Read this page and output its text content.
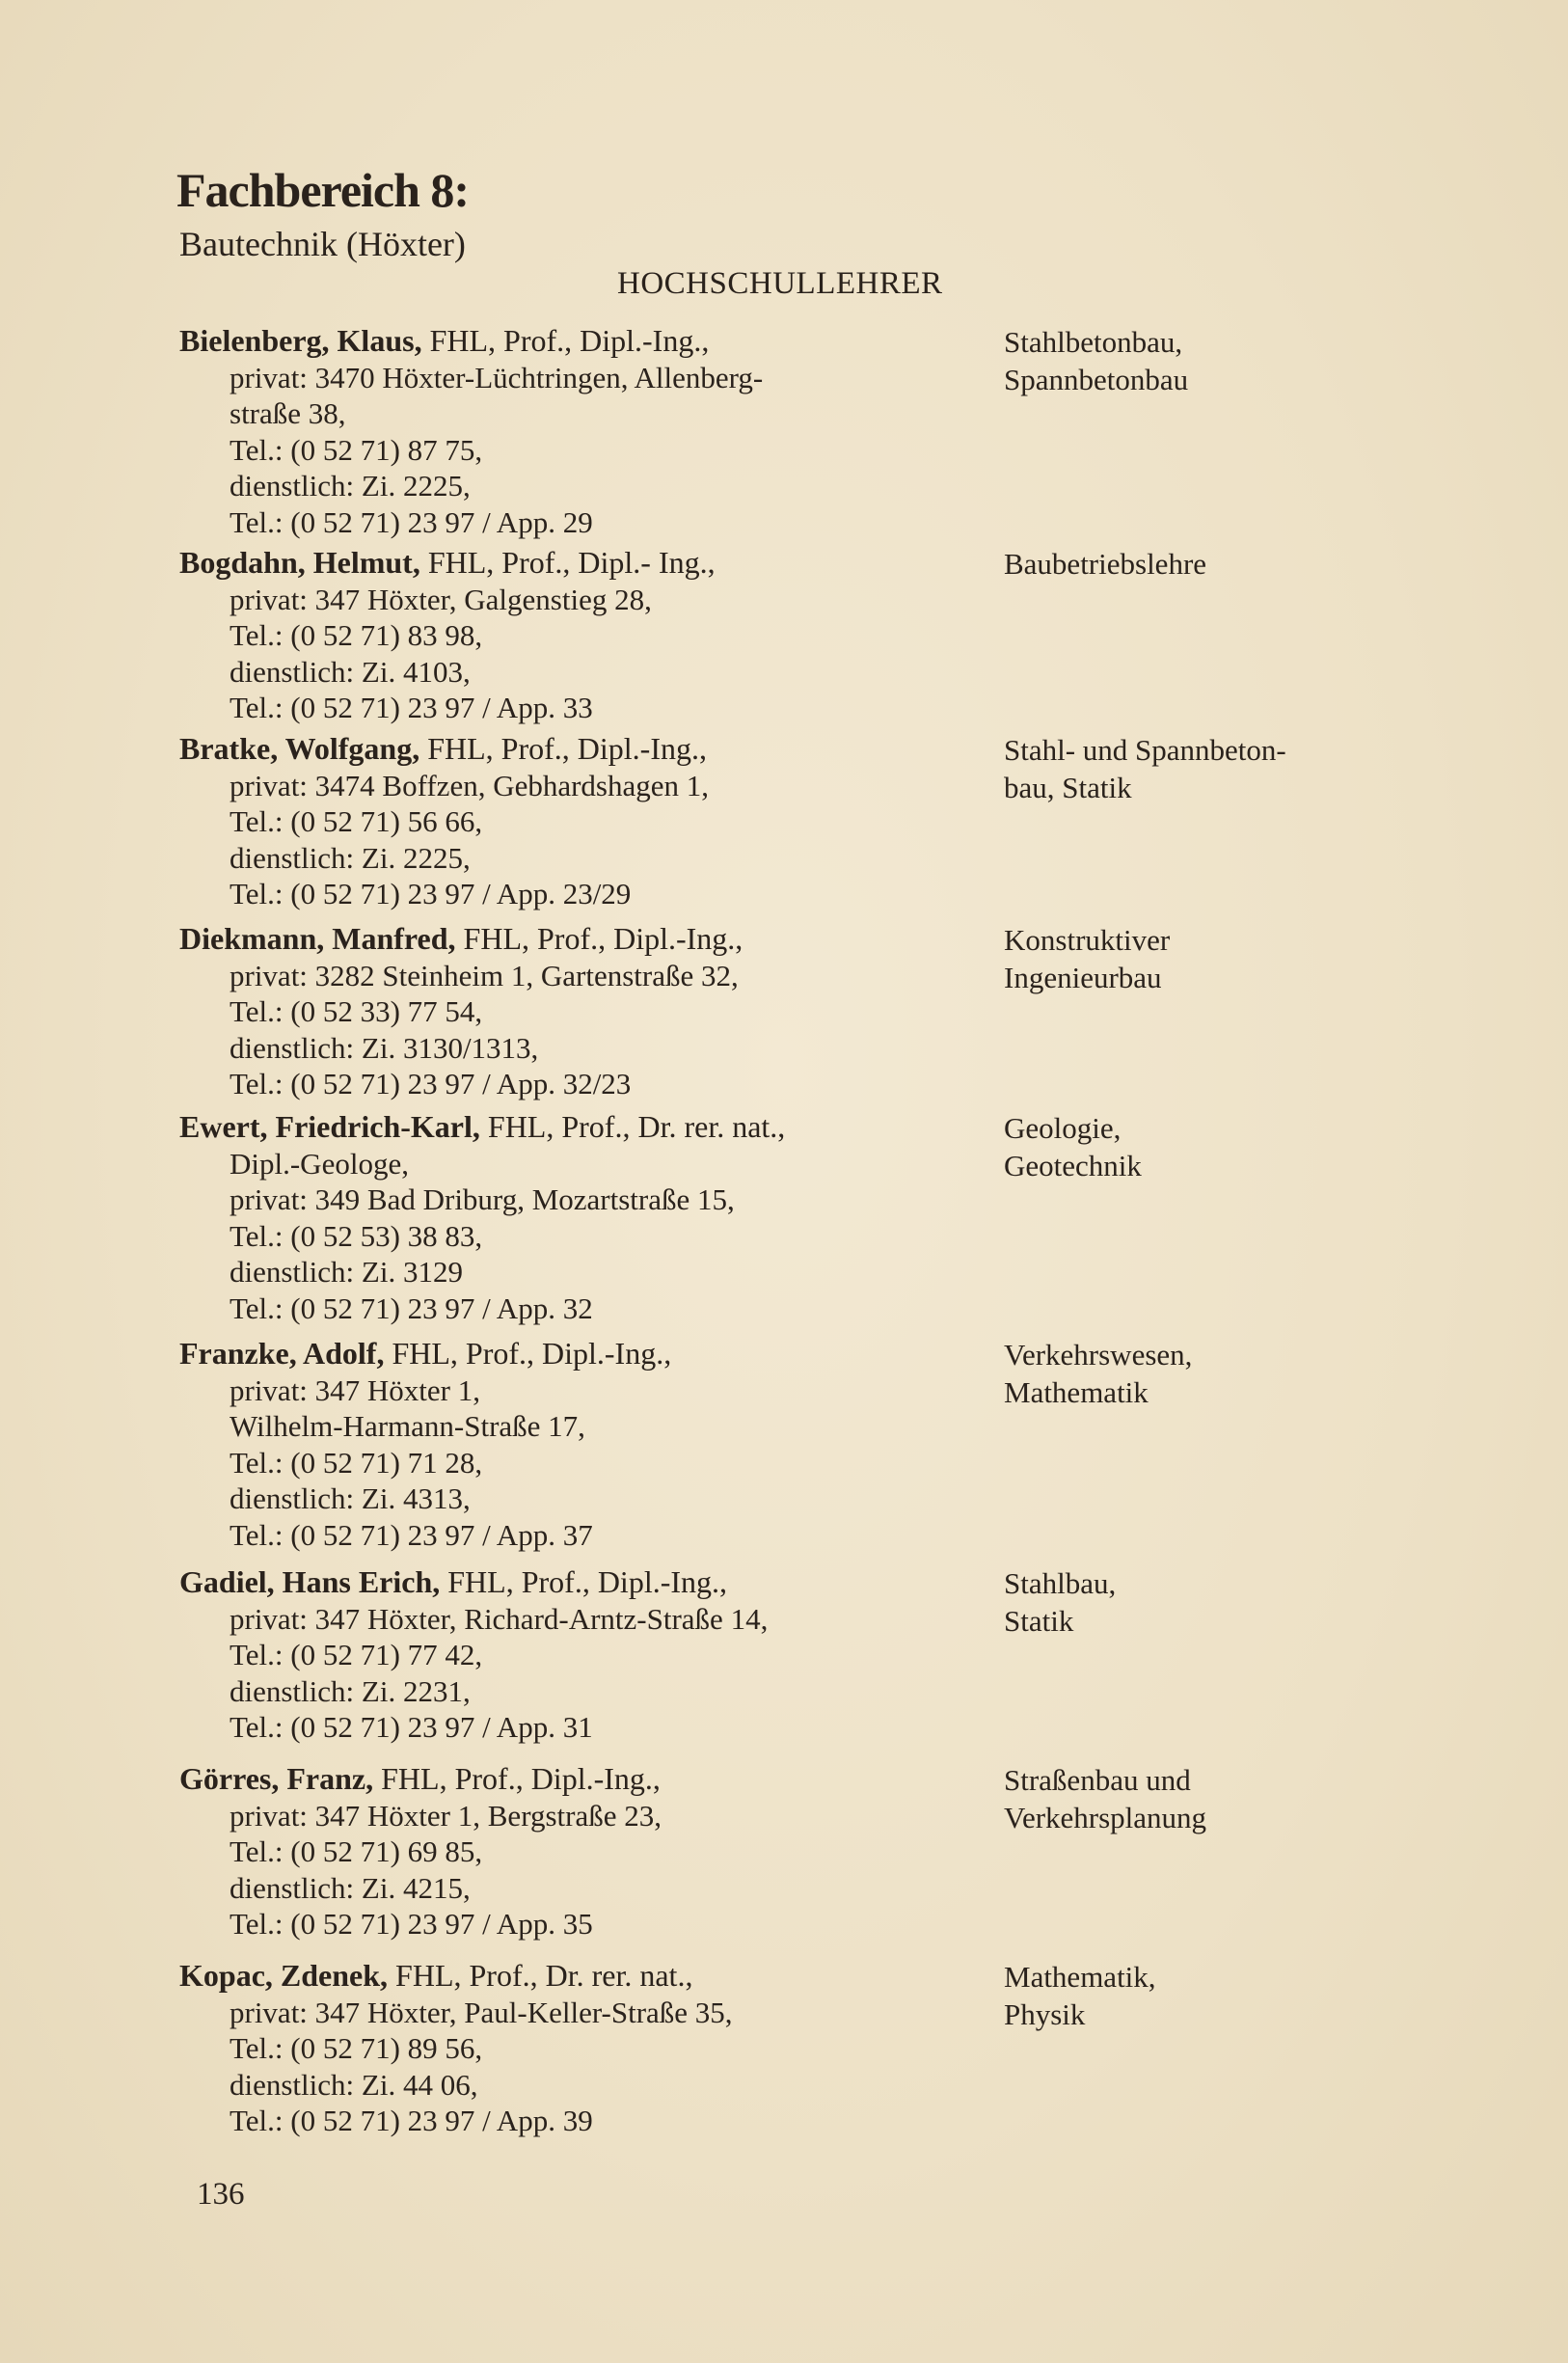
Fachbereich 8:
Bautechnik (Höxter)
HOCHSCHULLEHRER
Bielenberg, Klaus, FHL, Prof., Dipl.-Ing.,
privat: 3470 Höxter-Lüchtringen, Allenberg-
straße 38,
Tel.: (0 52 71) 87 75,
dienstlich: Zi. 2225,
Tel.: (0 52 71) 23 97 / App. 29
Stahlbetonbau,
Spannbetonbau
Bogdahn, Helmut, FHL, Prof., Dipl.- Ing.,
privat: 347 Höxter, Galgenstieg 28,
Tel.: (0 52 71) 83 98,
dienstlich: Zi. 4103,
Tel.: (0 52 71) 23 97 / App. 33
Baubetriebslehre
Bratke, Wolfgang, FHL, Prof., Dipl.-Ing.,
privat: 3474 Boffzen, Gebhardshagen 1,
Tel.: (0 52 71) 56 66,
dienstlich: Zi. 2225,
Tel.: (0 52 71) 23 97 / App. 23/29
Stahl- und Spannbeton-
bau, Statik
Diekmann, Manfred, FHL, Prof., Dipl.-Ing.,
privat: 3282 Steinheim 1, Gartenstraße 32,
Tel.: (0 52 33) 77 54,
dienstlich: Zi. 3130/1313,
Tel.: (0 52 71) 23 97 / App. 32/23
Konstruktiver
Ingenieurbau
Ewert, Friedrich-Karl, FHL, Prof., Dr. rer. nat.,
Dipl.-Geologe,
privat: 349 Bad Driburg, Mozartstraße 15,
Tel.: (0 52 53) 38 83,
dienstlich: Zi. 3129
Tel.: (0 52 71) 23 97 / App. 32
Geologie,
Geotechnik
Franzke, Adolf, FHL, Prof., Dipl.-Ing.,
privat: 347 Höxter 1,
Wilhelm-Harmann-Straße 17,
Tel.: (0 52 71) 71 28,
dienstlich: Zi. 4313,
Tel.: (0 52 71) 23 97 / App. 37
Verkehrswesen,
Mathematik
Gadiel, Hans Erich, FHL, Prof., Dipl.-Ing.,
privat: 347 Höxter, Richard-Arntz-Straße 14,
Tel.: (0 52 71) 77 42,
dienstlich: Zi. 2231,
Tel.: (0 52 71) 23 97 / App. 31
Stahlbau,
Statik
Görres, Franz, FHL, Prof., Dipl.-Ing.,
privat: 347 Höxter 1, Bergstraße 23,
Tel.: (0 52 71) 69 85,
dienstlich: Zi. 4215,
Tel.: (0 52 71) 23 97 / App. 35
Straßenbau und
Verkehrsplanung
Kopac, Zdenek, FHL, Prof., Dr. rer. nat.,
privat: 347 Höxter, Paul-Keller-Straße 35,
Tel.: (0 52 71) 89 56,
dienstlich: Zi. 44 06,
Tel.: (0 52 71) 23 97 / App. 39
Mathematik,
Physik
136
